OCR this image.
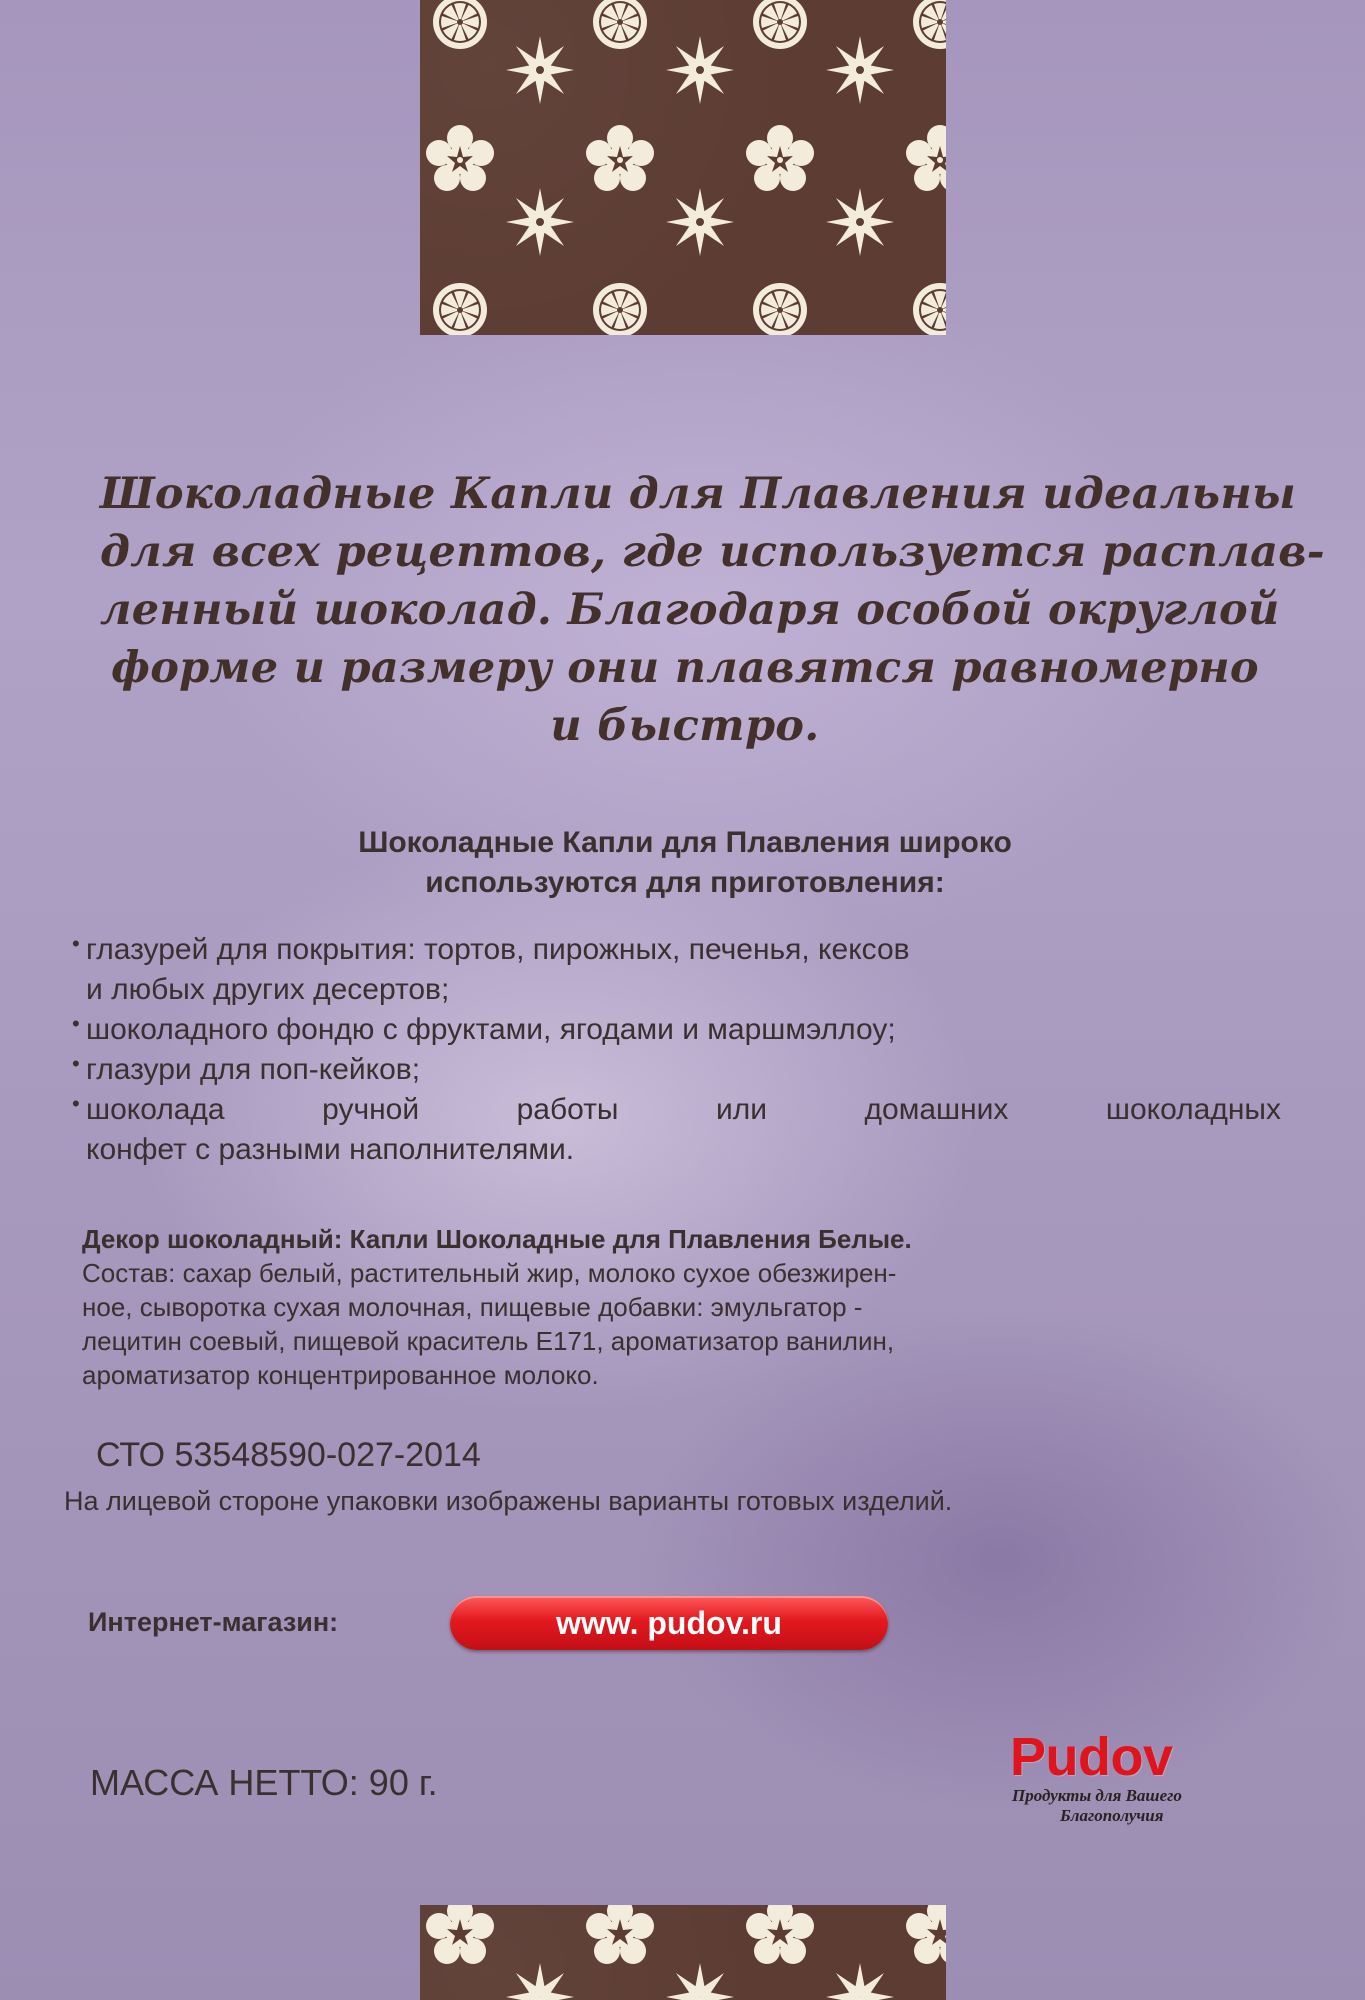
Шоколадные Капли для Плавления идеальны
для всех рецептов, где используется расплав-
ленный шоколад. Благодаря особой округлой
форме и размеру они плавятся равномерно
и быстро.

Шоколадные Капли для Плавления широко
используются для приготовления:
• глазурей для покрытия: тортов, пирожных, печенья, кексов
и любых других десертов;
• шоколадного фондю с фруктами, ягодами и маршмэллоу;
• глазури для поп-кейков;
• шоколада ручной работы или домашних шоколадных
конфет с разными наполнителями.

Декор шоколадный: Капли Шоколадные для Плавления Белые.

Состав: сахар белый, растительный жир, молоко сухое обезжирен-
ное, сыворотка сухая молочная, пищевые добавки: эмульгатор -
лецитин соевый, пищевой краситель Е171, ароматизатор ванилин,
ароматизатор концентрированное молоко.

СТО 53548590-027-2014

На лицевой стороне упаковки изображены варианты готовых изделий.

Интернет-магазин:	www. pudov.ru

МАССА НЕТТО: 90 г.	Pudov

Продукты для Вашего
Благополучия
